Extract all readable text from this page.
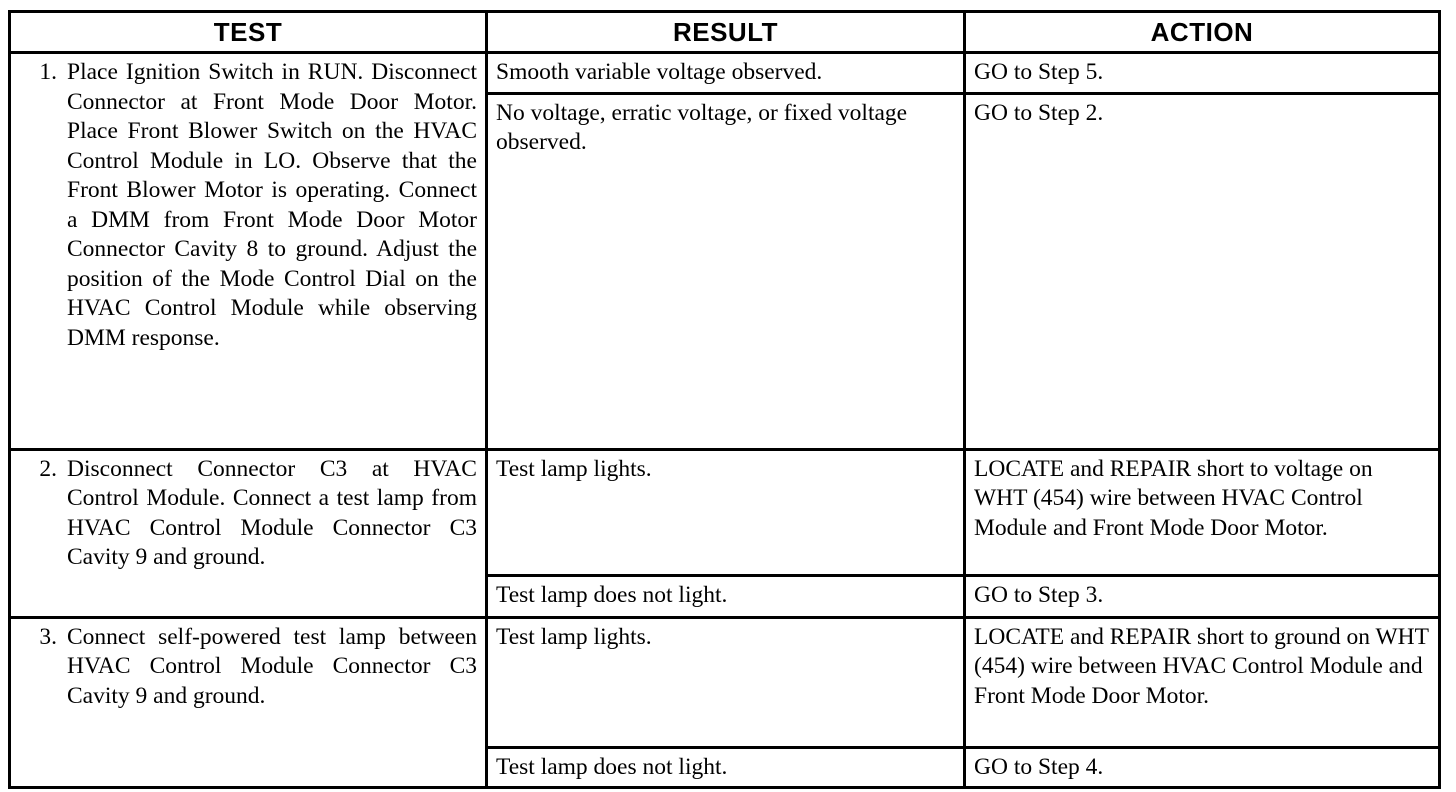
TEST	RESULT	ACTION

1. Place Ignition Switch in RUN. Disconnect Connector at Front Mode Door Motor. Place Front Blower Switch on the HVAC Control Module in LO. Observe that the Front Blower Motor is operating. Connect a DMM from Front Mode Door Motor Connector Cavity 8 to ground. Adjust the position of the Mode Control Dial on the HVAC Control Module while observing DMM response.	Smooth variable voltage observed.	GO to Step 5.
	No voltage, erratic voltage, or fixed voltage observed.	GO to Step 2.

2. Disconnect Connector C3 at HVAC Control Module. Connect a test lamp from HVAC Control Module Connector C3 Cavity 9 and ground.	Test lamp lights.	LOCATE and REPAIR short to voltage on WHT (454) wire between HVAC Control Module and Front Mode Door Motor.
	Test lamp does not light.	GO to Step 3.

3. Connect self-powered test lamp between HVAC Control Module Connector C3 Cavity 9 and ground.	Test lamp lights.	LOCATE and REPAIR short to ground on WHT (454) wire between HVAC Control Module and Front Mode Door Motor.
	Test lamp does not light.	GO to Step 4.
